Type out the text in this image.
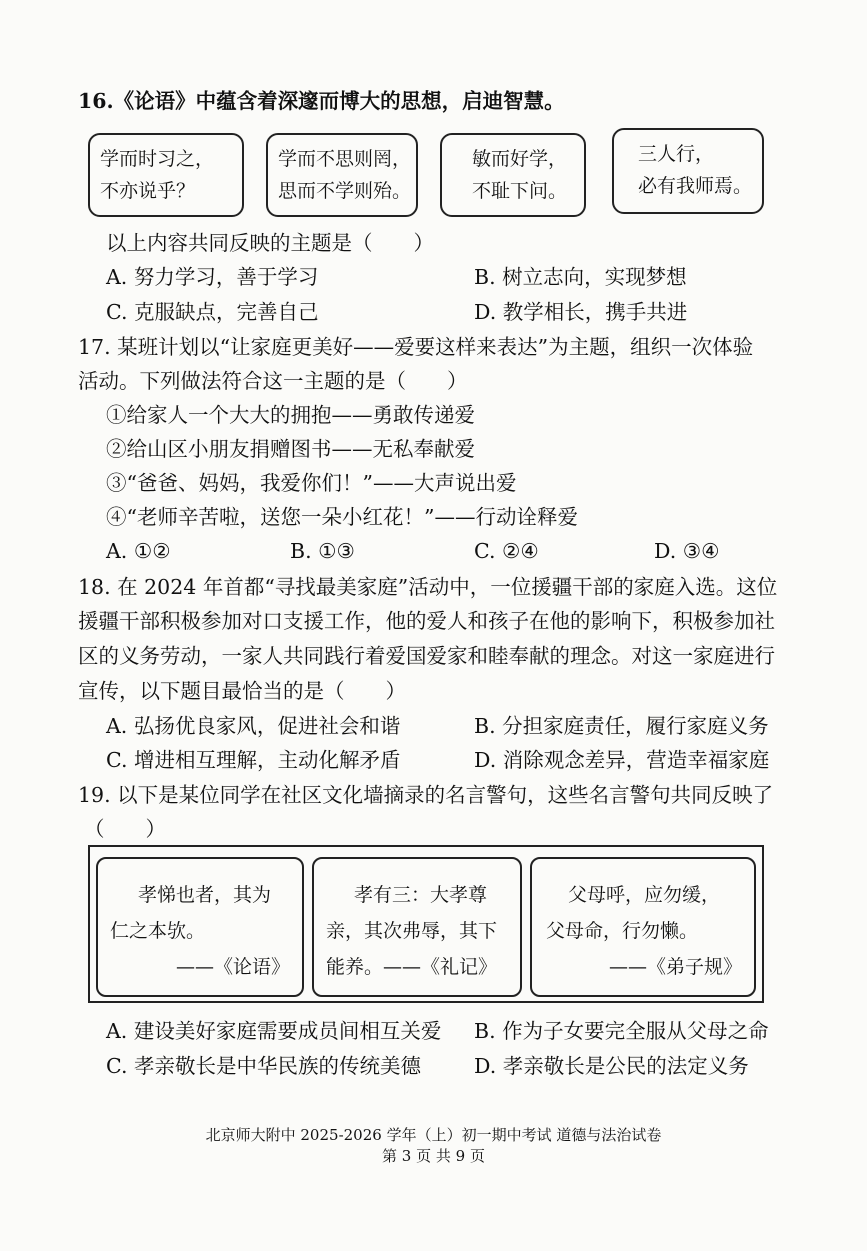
16.《论语》中蕴含着深邃而博大的思想，启迪智慧。
学而时习之，
不亦说乎？
学而不思则罔，
思而不学则殆。
敏而好学，
不耻下问。
三人行，
必有我师焉。
以上内容共同反映的主题是（　　）
A. 努力学习，善于学习	B. 树立志向，实现梦想
C. 克服缺点，完善自己	D. 教学相长，携手共进
17. 某班计划以“让家庭更美好——爱要这样来表达”为主题，组织一次体验
活动。下列做法符合这一主题的是（　　）
①给家人一个大大的拥抱——勇敢传递爱
②给山区小朋友捐赠图书——无私奉献爱
③“爸爸、妈妈，我爱你们！”——大声说出爱
④“老师辛苦啦，送您一朵小红花！”——行动诠释爱
A. ①②	B. ①③	C. ②④	D. ③④
18. 在 2024 年首都“寻找最美家庭”活动中，一位援疆干部的家庭入选。这位
援疆干部积极参加对口支援工作，他的爱人和孩子在他的影响下，积极参加社
区的义务劳动，一家人共同践行着爱国爱家和睦奉献的理念。对这一家庭进行
宣传，以下题目最恰当的是（　　）
A. 弘扬优良家风，促进社会和谐	B. 分担家庭责任，履行家庭义务
C. 增进相互理解，主动化解矛盾	D. 消除观念差异，营造幸福家庭
19. 以下是某位同学在社区文化墙摘录的名言警句，这些名言警句共同反映了
（　　）
孝悌也者，其为
仁之本欤。
——《论语》
孝有三：大孝尊
亲，其次弗辱，其下
能养。——《礼记》
父母呼，应勿缓，
父母命，行勿懒。
——《弟子规》
A. 建设美好家庭需要成员间相互关爱 B. 作为子女要完全服从父母之命
C. 孝亲敬长是中华民族的传统美德	D. 孝亲敬长是公民的法定义务
北京师大附中 2025-2026 学年（上）初一期中考试 道德与法治试卷
第 3 页 共 9 页
